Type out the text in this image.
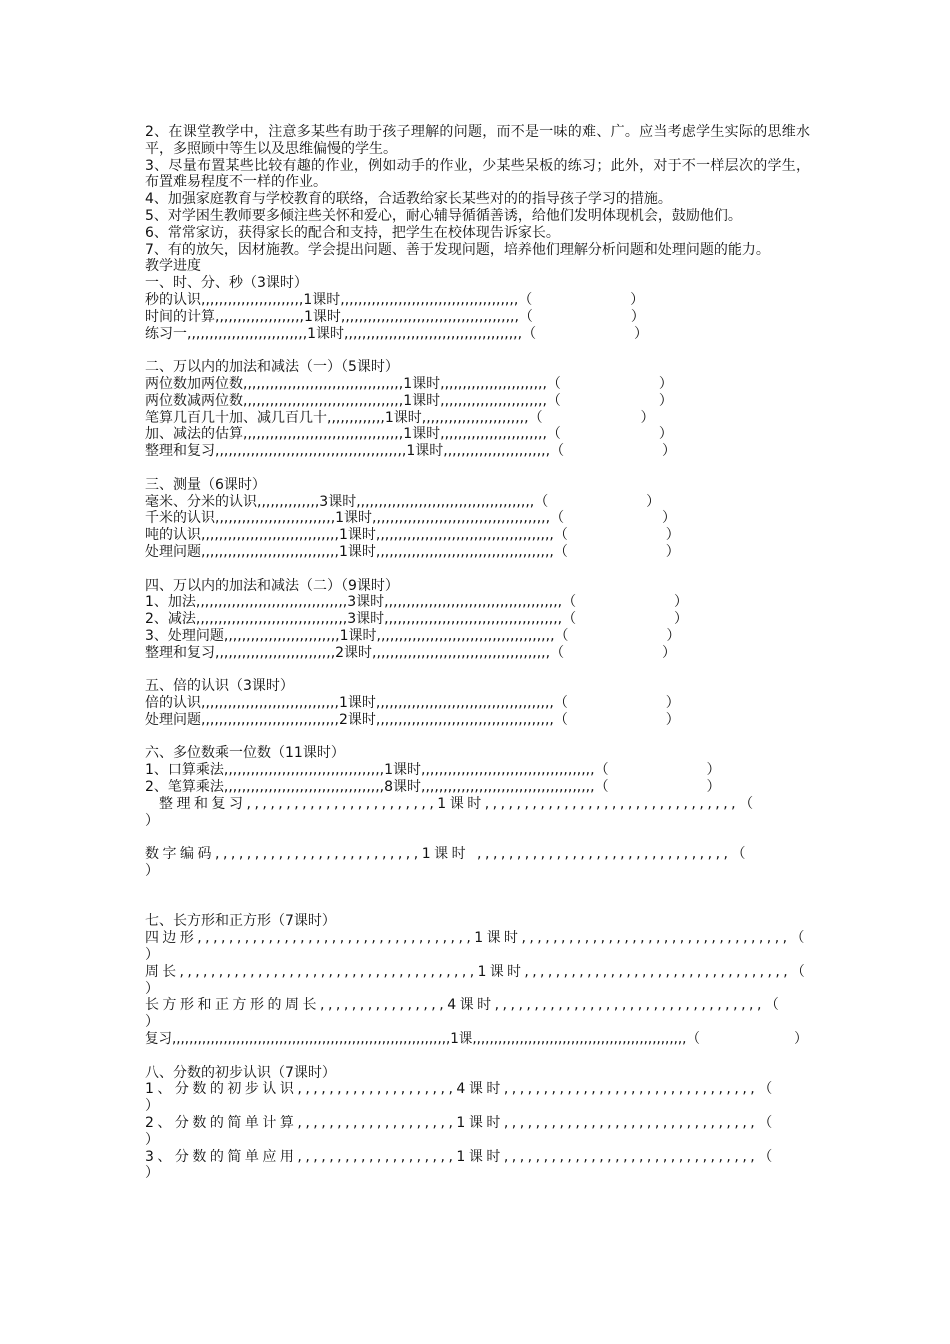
2、在课堂教学中，注意多某些有助于孩子理解的问题，而不是一味的难、广。应当考虑学生实际的思维水平，多照顾中等生以及思维偏慢的学生。

3、尽量布置某些比较有趣的作业，例如动手的作业，少某些呆板的练习；此外，对于不一样层次的学生，布置难易程度不一样的作业。

4、加强家庭教育与学校教育的联络，合适教给家长某些对的的指导孩子学习的措施。

5、对学困生教师要多倾注些关怀和爱心，耐心辅导循循善诱，给他们发明体现机会，鼓励他们。

6、常常家访，获得家长的配合和支持，把学生在校体现告诉家长。

7、有的放矢，因材施教。学会提出问题、善于发现问题，培养他们理解分析问题和处理问题的能力。

教学进度

一、时、分、秒（3课时）

秒的认识,,,,,,,,,,,,,,,,,,,,,,,1课时,,,,,,,,,,,,,,,,,,,,,,,,,,,,,,,,,,,,,,,,（                      ）

时间的计算,,,,,,,,,,,,,,,,,,,,1课时,,,,,,,,,,,,,,,,,,,,,,,,,,,,,,,,,,,,,,,,（                      ）

练习一,,,,,,,,,,,,,,,,,,,,,,,,,,,1课时,,,,,,,,,,,,,,,,,,,,,,,,,,,,,,,,,,,,,,,,（                      ）

二、万以内的加法和减法（一）（5课时）

两位数加两位数,,,,,,,,,,,,,,,,,,,,,,,,,,,,,,,,,,,,1课时,,,,,,,,,,,,,,,,,,,,,,,,（                      ）

两位数减两位数,,,,,,,,,,,,,,,,,,,,,,,,,,,,,,,,,,,,1课时,,,,,,,,,,,,,,,,,,,,,,,,（                      ）

笔算几百几十加、减几百几十,,,,,,,,,,,,,1课时,,,,,,,,,,,,,,,,,,,,,,,,（                      ）

加、减法的估算,,,,,,,,,,,,,,,,,,,,,,,,,,,,,,,,,,,,1课时,,,,,,,,,,,,,,,,,,,,,,,,（                      ）

整理和复习,,,,,,,,,,,,,,,,,,,,,,,,,,,,,,,,,,,,,,,,,,,1课时,,,,,,,,,,,,,,,,,,,,,,,,（                      ）

三、测量（6课时）

毫米、分米的认识,,,,,,,,,,,,,,3课时,,,,,,,,,,,,,,,,,,,,,,,,,,,,,,,,,,,,,,,,（                      ）

千米的认识,,,,,,,,,,,,,,,,,,,,,,,,,,,1课时,,,,,,,,,,,,,,,,,,,,,,,,,,,,,,,,,,,,,,,,（                      ）

吨的认识,,,,,,,,,,,,,,,,,,,,,,,,,,,,,,,1课时,,,,,,,,,,,,,,,,,,,,,,,,,,,,,,,,,,,,,,,,（                      ）

处理问题,,,,,,,,,,,,,,,,,,,,,,,,,,,,,,,1课时,,,,,,,,,,,,,,,,,,,,,,,,,,,,,,,,,,,,,,,,（                      ）

四、万以内的加法和减法（二）（9课时）

1、加法,,,,,,,,,,,,,,,,,,,,,,,,,,,,,,,,,,3课时,,,,,,,,,,,,,,,,,,,,,,,,,,,,,,,,,,,,,,,,（                      ）

2、减法,,,,,,,,,,,,,,,,,,,,,,,,,,,,,,,,,,3课时,,,,,,,,,,,,,,,,,,,,,,,,,,,,,,,,,,,,,,,,（                      ）

3、处理问题,,,,,,,,,,,,,,,,,,,,,,,,,,1课时,,,,,,,,,,,,,,,,,,,,,,,,,,,,,,,,,,,,,,,,（                      ）

整理和复习,,,,,,,,,,,,,,,,,,,,,,,,,,,2课时,,,,,,,,,,,,,,,,,,,,,,,,,,,,,,,,,,,,,,,,（                      ）

五、倍的认识（3课时）

倍的认识,,,,,,,,,,,,,,,,,,,,,,,,,,,,,,,1课时,,,,,,,,,,,,,,,,,,,,,,,,,,,,,,,,,,,,,,,,（                      ）

处理问题,,,,,,,,,,,,,,,,,,,,,,,,,,,,,,,2课时,,,,,,,,,,,,,,,,,,,,,,,,,,,,,,,,,,,,,,,,（                      ）

六、多位数乘一位数（11课时）

1、口算乘法,,,,,,,,,,,,,,,,,,,,,,,,,,,,,,,,,,,,1课时,,,,,,,,,,,,,,,,,,,,,,,,,,,,,,,,,,,,,,,（                      ）

2、笔算乘法,,,,,,,,,,,,,,,,,,,,,,,,,,,,,,,,,,,,8课时,,,,,,,,,,,,,,,,,,,,,,,,,,,,,,,,,,,,,,,（                      ）

整理和复习,,,,,,,,,,,,,,,,,,,,,,,,1课时,,,,,,,,,,,,,,,,,,,,,,,,,,,,,,,,（

）

数字编码,,,,,,,,,,,,,,,,,,,,,,,,,,1课时 ,,,,,,,,,,,,,,,,,,,,,,,,,,,,,,,,（

）

七、长方形和正方形（7课时）

四边形,,,,,,,,,,,,,,,,,,,,,,,,,,,,,,,,,,,1课时,,,,,,,,,,,,,,,,,,,,,,,,,,,,,,,,,,（

）

周长,,,,,,,,,,,,,,,,,,,,,,,,,,,,,,,,,,,,,,1课时,,,,,,,,,,,,,,,,,,,,,,,,,,,,,,,,,,（

）

长方形和正方形的周长,,,,,,,,,,,,,,,,4课时,,,,,,,,,,,,,,,,,,,,,,,,,,,,,,,,,,（

）

复习,,,,,,,,,,,,,,,,,,,,,,,,,,,,,,,,,,,,,,,,,,,,,,,,,,,,,,,,,,,,,,,,,1课,,,,,,,,,,,,,,,,,,,,,,,,,,,,,,,,,,,,,,,,,,,,,,,,,,（                      ）

八、分数的初步认识（7课时）

1、分数的初步认识,,,,,,,,,,,,,,,,,,,,4课时,,,,,,,,,,,,,,,,,,,,,,,,,,,,,,,,（

）

2、分数的简单计算,,,,,,,,,,,,,,,,,,,,1课时,,,,,,,,,,,,,,,,,,,,,,,,,,,,,,,,（

）

3、分数的简单应用,,,,,,,,,,,,,,,,,,,,1课时,,,,,,,,,,,,,,,,,,,,,,,,,,,,,,,,（

）
